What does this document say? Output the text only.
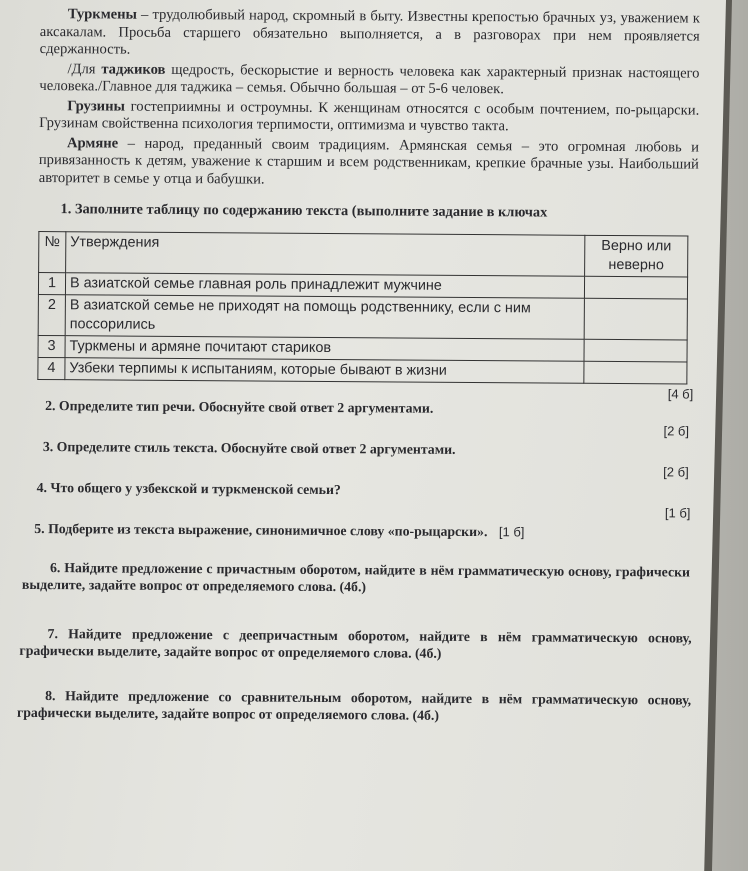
Туркмены – трудолюбивый народ, скромный в быту. Известны крепостью брачных уз, уважением к аксакалам. Просьба старшего обязательно выполняется, а в разговорах при нем проявляется сдержанность.

/Для таджиков щедрость, бескорыстие и верность человека как характерный признак настоящего человека./Главное для таджика – семья. Обычно большая – от 5-6 человек.

Грузины гостеприимны и остроумны. К женщинам относятся с особым почтением, по-рыцарски. Грузинам свойственна психология терпимости, оптимизма и чувство такта.

Армяне – народ, преданный своим традициям. Армянская семья – это огромная любовь и привязанность к детям, уважение к старшим и всем родственникам, крепкие брачные узы. Наибольший авторитет в семье у отца и бабушки.

1. Заполните таблицу по содержанию текста (выполните задание в ключах

№	Утверждения	Верно или неверно
1	В азиатской семье главная роль принадлежит мужчине	
2	В азиатской семье не приходят на помощь родственнику, если с ним поссорились	
3	Туркмены и армяне почитают стариков	
4	Узбеки терпимы к испытаниям, которые бывают в жизни	
[4 б]
2. Определите тип речи. Обоснуйте свой ответ 2 аргументами.
[2 б]
3. Определите стиль текста. Обоснуйте свой ответ 2 аргументами.
[2 б]
4. Что общего у узбекской и туркменской семьи?
[1 б]
5. Подберите из текста выражение, синонимичное слову «по-рыцарски». [1 б]
6. Найдите предложение с причастным оборотом, найдите в нём грамматическую основу, графически выделите, задайте вопрос от определяемого слова. (4б.)
7. Найдите предложение с деепричастным оборотом, найдите в нём грамматическую основу, графически выделите, задайте вопрос от определяемого слова. (4б.)
8. Найдите предложение со сравнительным оборотом, найдите в нём грамматическую основу, графически выделите, задайте вопрос от определяемого слова. (4б.)
